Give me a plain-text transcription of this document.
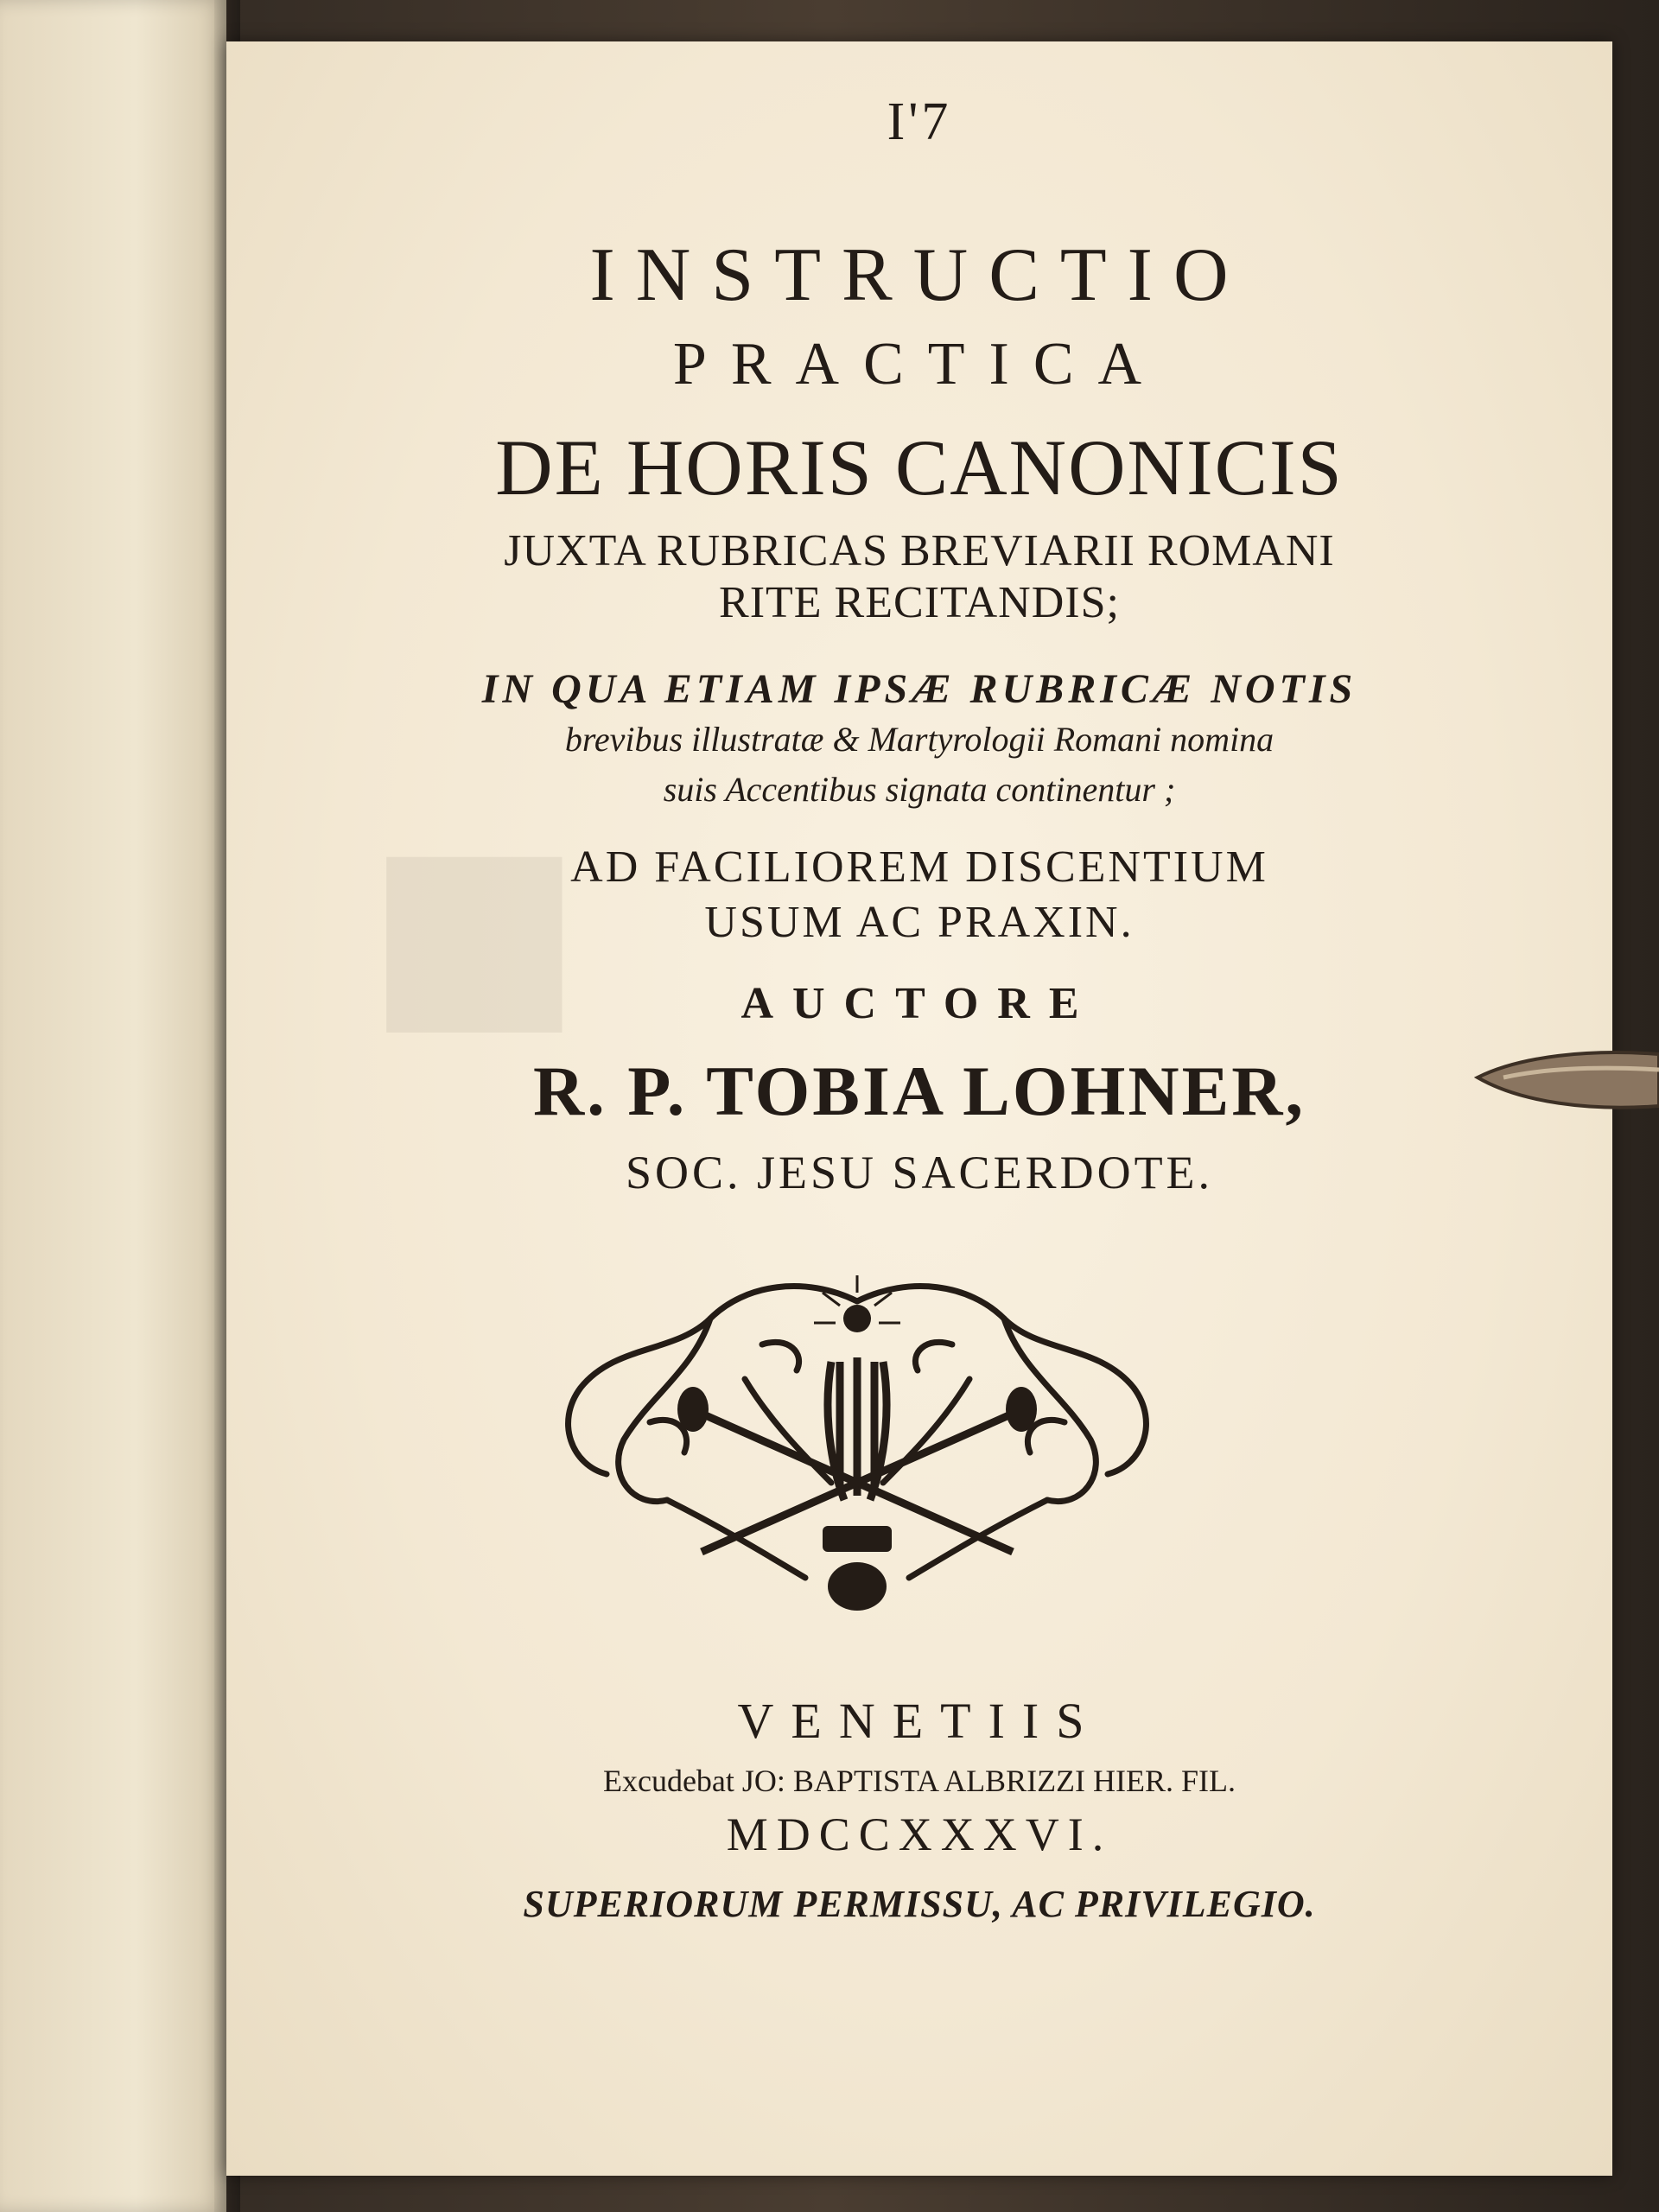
■

I'7

INSTRUCTIO

PRACTICA

DE HORIS CANONICIS

JUXTA RUBRICAS BREVIARII ROMANI

RITE RECITANDIS;

IN QUA ETIAM IPSÆ RUBRICÆ NOTIS

brevibus illustratæ & Martyrologii Romani nomina

suis Accentibus signata continentur ;

AD FACILIOREM DISCENTIUM

USUM AC PRAXIN.

AUCTORE

R. P. TOBIA LOHNER,

SOC. JESU SACERDOTE.

VENETIIS

Excudebat JO: BAPTISTA ALBRIZZI HIER. FIL.

MDCCXXXVI.

SUPERIORUM PERMISSU, AC PRIVILEGIO.
